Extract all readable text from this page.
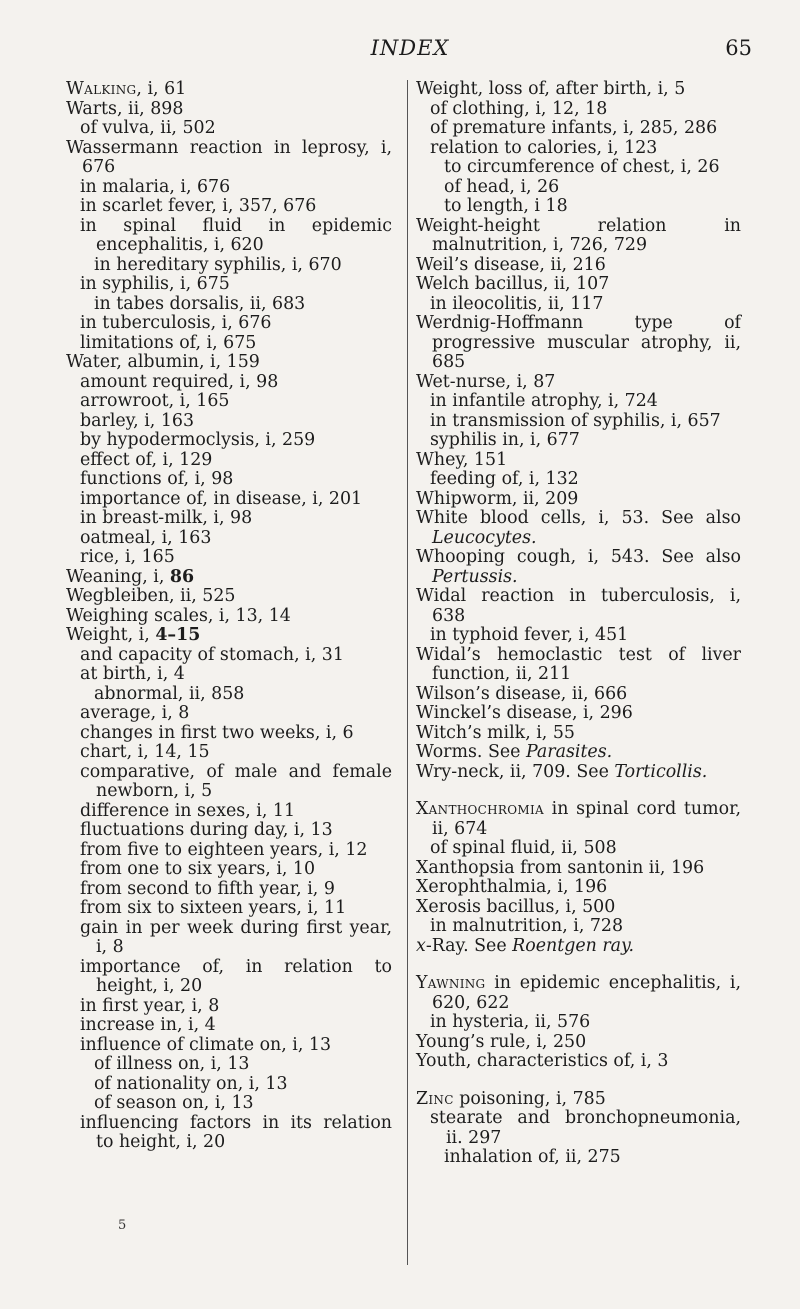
INDEX	65

Walking, i, 61

Warts, ii, 898

of vulva, ii, 502

Wassermann reaction in leprosy, i, 676

in malaria, i, 676

in scarlet fever, i, 357, 676

in spinal fluid in epidemic encephalitis, i, 620

in hereditary syphilis, i, 670

in syphilis, i, 675

in tabes dorsalis, ii, 683

in tuberculosis, i, 676

limitations of, i, 675

Water, albumin, i, 159

amount required, i, 98

arrowroot, i, 165

barley, i, 163

by hypodermoclysis, i, 259

effect of, i, 129

functions of, i, 98

importance of, in disease, i, 201

in breast-milk, i, 98

oatmeal, i, 163

rice, i, 165

Weaning, i, 86

Wegbleiben, ii, 525

Weighing scales, i, 13, 14

Weight, i, 4–15

and capacity of stomach, i, 31

at birth, i, 4

abnormal, ii, 858

average, i, 8

changes in first two weeks, i, 6

chart, i, 14, 15

comparative, of male and female newborn, i, 5

difference in sexes, i, 11

fluctuations during day, i, 13

from five to eighteen years, i, 12

from one to six years, i, 10

from second to fifth year, i, 9

from six to sixteen years, i, 11

gain in per week during first year, i, 8

importance of, in relation to height, i, 20

in first year, i, 8

increase in, i, 4

influence of climate on, i, 13

of illness on, i, 13

of nationality on, i, 13

of season on, i, 13

influencing factors in its relation to height, i, 20

Weight, loss of, after birth, i, 5

of clothing, i, 12, 18

of premature infants, i, 285, 286

relation to calories, i, 123

to circumference of chest, i, 26

of head, i, 26

to length, i 18

Weight-height relation in malnutrition, i, 726, 729

Weil’s disease, ii, 216

Welch bacillus, ii, 107

in ileocolitis, ii, 117

Werdnig-Hoffmann type of progressive muscular atrophy, ii, 685

Wet-nurse, i, 87

in infantile atrophy, i, 724

in transmission of syphilis, i, 657

syphilis in, i, 677

Whey, 151

feeding of, i, 132

Whipworm, ii, 209

White blood cells, i, 53. See also Leucocytes.

Whooping cough, i, 543. See also Pertussis.

Widal reaction in tuberculosis, i, 638

in typhoid fever, i, 451

Widal’s hemoclastic test of liver function, ii, 211

Wilson’s disease, ii, 666

Winckel’s disease, i, 296

Witch’s milk, i, 55

Worms. See Parasites.

Wry-neck, ii, 709. See Torticollis.

Xanthochromia in spinal cord tumor, ii, 674

of spinal fluid, ii, 508

Xanthopsia from santonin ii, 196

Xerophthalmia, i, 196

Xerosis bacillus, i, 500

in malnutrition, i, 728

x-Ray. See Roentgen ray.

Yawning in epidemic encephalitis, i, 620, 622

in hysteria, ii, 576

Young’s rule, i, 250

Youth, characteristics of, i, 3

Zinc poisoning, i, 785

stearate and bronchopneumonia, ii. 297

inhalation of, ii, 275

5
